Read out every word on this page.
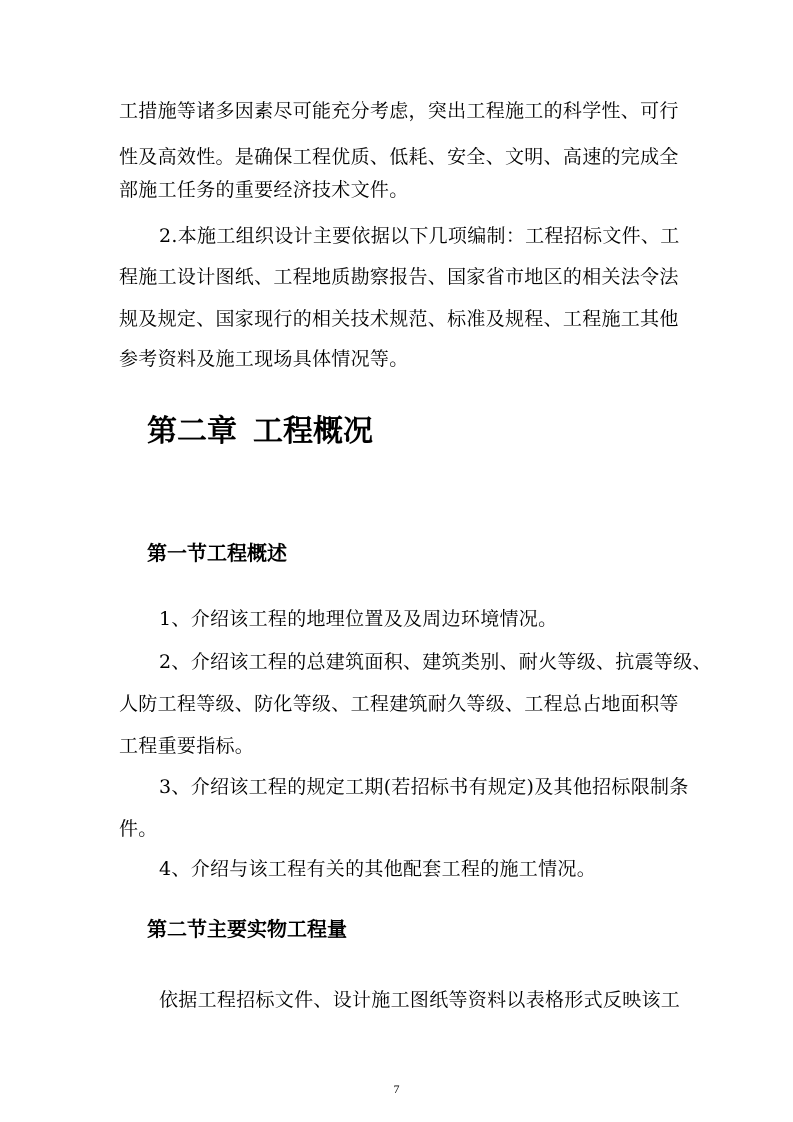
工措施等诸多因素尽可能充分考虑，突出工程施工的科学性、可行

性及高效性。是确保工程优质、低耗、安全、文明、高速的完成全

部施工任务的重要经济技术文件。

2.本施工组织设计主要依据以下几项编制：工程招标文件、工

程施工设计图纸、工程地质勘察报告、国家省市地区的相关法令法

规及规定、国家现行的相关技术规范、标准及规程、工程施工其他

参考资料及施工现场具体情况等。

第二章 工程概况
第一节工程概述

1、介绍该工程的地理位置及及周边环境情况。

2、介绍该工程的总建筑面积、建筑类别、耐火等级、抗震等级、

人防工程等级、防化等级、工程建筑耐久等级、工程总占地面积等

工程重要指标。

3、介绍该工程的规定工期(若招标书有规定)及其他招标限制条

件。

4、介绍与该工程有关的其他配套工程的施工情况。

第二节主要实物工程量

依据工程招标文件、设计施工图纸等资料以表格形式反映该工

7
